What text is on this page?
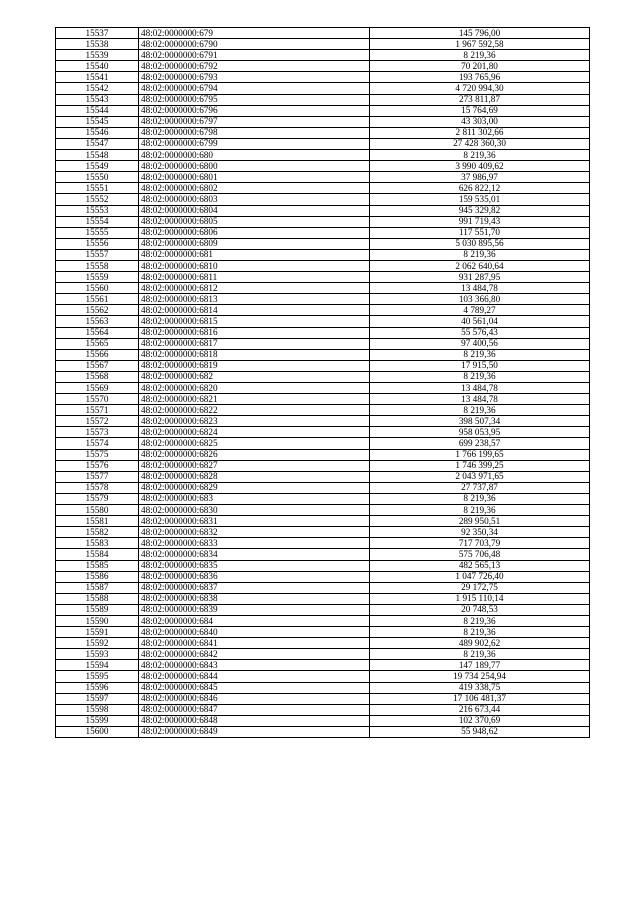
15537	48:02:0000000:679	145 796,00
15538	48:02:0000000:6790	1 967 592,58
15539	48:02:0000000:6791	8 219,36
15540	48:02:0000000:6792	70 201,80
15541	48:02:0000000:6793	193 765,96
15542	48:02:0000000:6794	4 720 994,30
15543	48:02:0000000:6795	273 811,87
15544	48:02:0000000:6796	15 764,69
15545	48:02:0000000:6797	43 303,00
15546	48:02:0000000:6798	2 811 302,66
15547	48:02:0000000:6799	27 428 360,30
15548	48:02:0000000:680	8 219,36
15549	48:02:0000000:6800	3 990 409,62
15550	48:02:0000000:6801	37 986,97
15551	48:02:0000000:6802	626 822,12
15552	48:02:0000000:6803	159 535,01
15553	48:02:0000000:6804	945 329,82
15554	48:02:0000000:6805	991 719,43
15555	48:02:0000000:6806	117 551,70
15556	48:02:0000000:6809	5 030 895,56
15557	48:02:0000000:681	8 219,36
15558	48:02:0000000:6810	2 062 640,64
15559	48:02:0000000:6811	931 287,95
15560	48:02:0000000:6812	13 484,78
15561	48:02:0000000:6813	103 366,80
15562	48:02:0000000:6814	4 789,27
15563	48:02:0000000:6815	40 561,04
15564	48:02:0000000:6816	55 576,43
15565	48:02:0000000:6817	97 400,56
15566	48:02:0000000:6818	8 219,36
15567	48:02:0000000:6819	17 915,50
15568	48:02:0000000:682	8 219,36
15569	48:02:0000000:6820	13 484,78
15570	48:02:0000000:6821	13 484,78
15571	48:02:0000000:6822	8 219,36
15572	48:02:0000000:6823	398 507,34
15573	48:02:0000000:6824	958 053,95
15574	48:02:0000000:6825	699 238,57
15575	48:02:0000000:6826	1 766 199,65
15576	48:02:0000000:6827	1 746 399,25
15577	48:02:0000000:6828	2 043 971,65
15578	48:02:0000000:6829	27 737,87
15579	48:02:0000000:683	8 219,36
15580	48:02:0000000:6830	8 219,36
15581	48:02:0000000:6831	289 950,51
15582	48:02:0000000:6832	92 350,34
15583	48:02:0000000:6833	717 703,79
15584	48:02:0000000:6834	575 706,48
15585	48:02:0000000:6835	482 565,13
15586	48:02:0000000:6836	1 047 726,40
15587	48:02:0000000:6837	29 172,75
15588	48:02:0000000:6838	1 915 110,14
15589	48:02:0000000:6839	20 748,53
15590	48:02:0000000:684	8 219,36
15591	48:02:0000000:6840	8 219,36
15592	48:02:0000000:6841	489 902,62
15593	48:02:0000000:6842	8 219,36
15594	48:02:0000000:6843	147 189,77
15595	48:02:0000000:6844	19 734 254,94
15596	48:02:0000000:6845	419 338,75
15597	48:02:0000000:6846	17 106 481,37
15598	48:02:0000000:6847	216 673,44
15599	48:02:0000000:6848	102 370,69
15600	48:02:0000000:6849	55 948,62
